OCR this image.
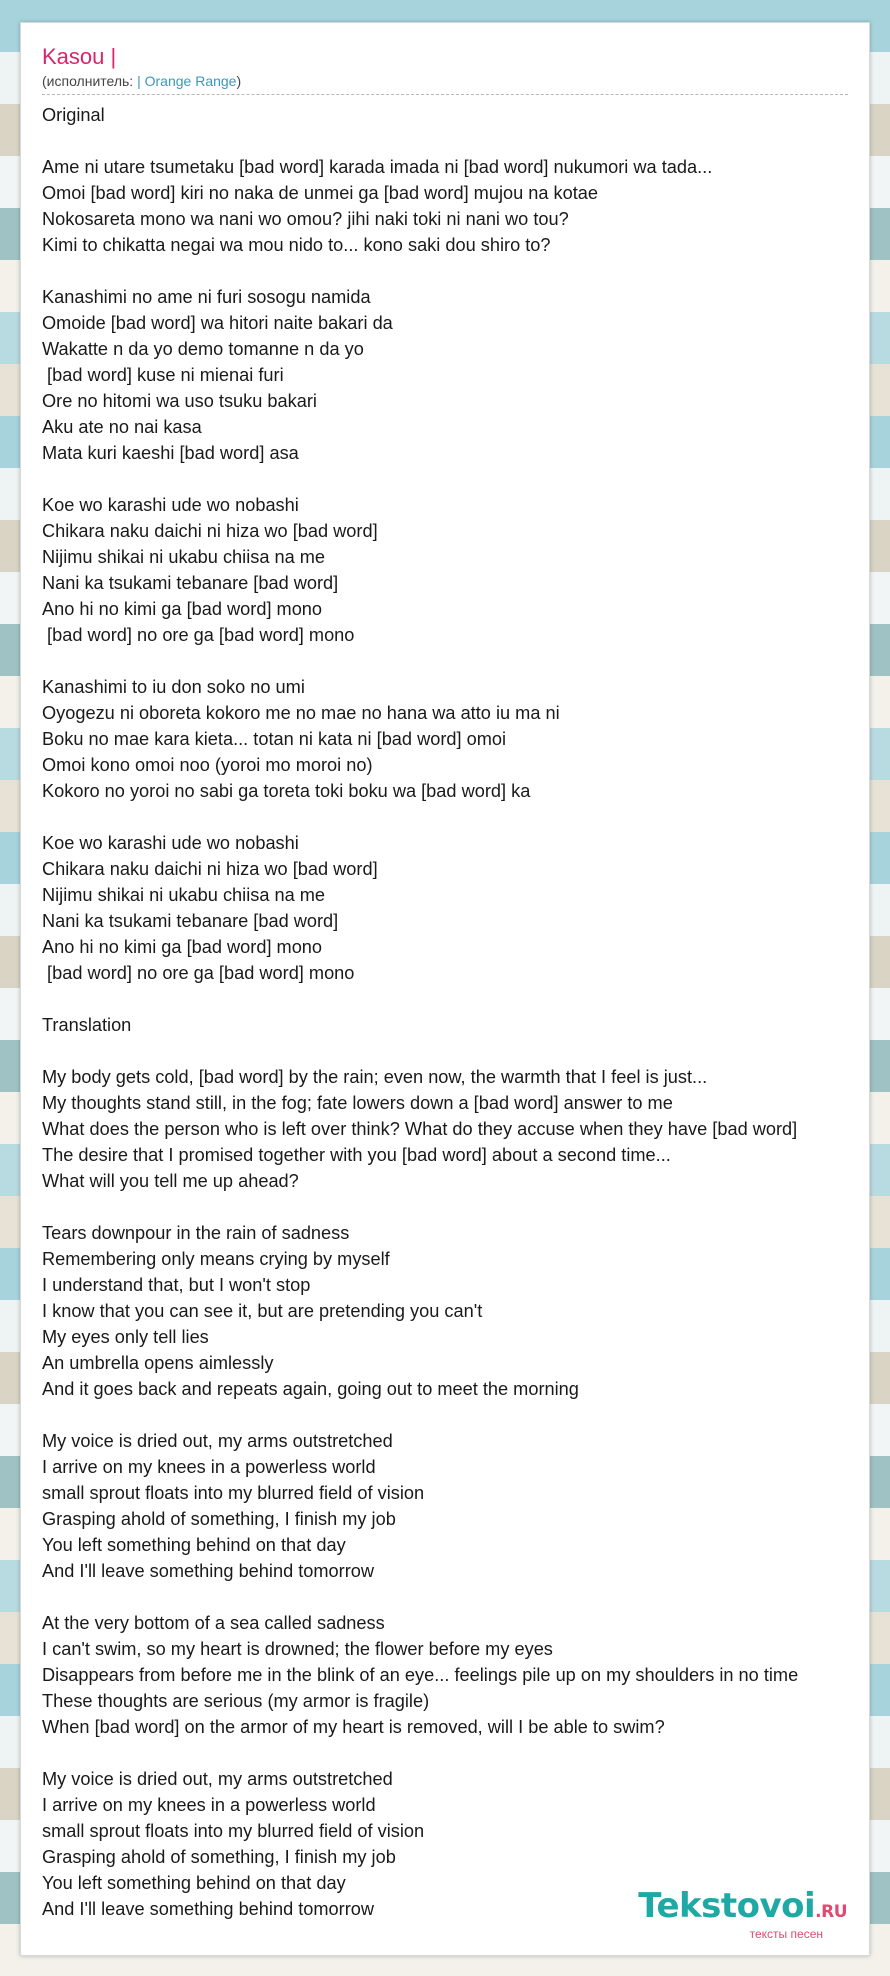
Kasou |
(исполнитель: | Orange Range)
Original

Ame ni utare tsumetaku [bad word] karada imada ni [bad word] nukumori wa tada...
Omoi [bad word] kiri no naka de unmei ga [bad word] mujou na kotae
Nokosareta mono wa nani wo omou? jihi naki toki ni nani wo tou?
Kimi to chikatta negai wa mou nido to... kono saki dou shiro to?

Kanashimi no ame ni furi sosogu namida
Omoide [bad word] wa hitori naite bakari da
Wakatte n da yo demo tomanne n da yo
[bad word] kuse ni mienai furi
Ore no hitomi wa uso tsuku bakari
Aku ate no nai kasa
Mata kuri kaeshi [bad word] asa

Koe wo karashi ude wo nobashi
Chikara naku daichi ni hiza wo [bad word]
Nijimu shikai ni ukabu chiisa na me
Nani ka tsukami tebanare [bad word]
Ano hi no kimi ga [bad word] mono
[bad word] no ore ga [bad word] mono

Kanashimi to iu don soko no umi
Oyogezu ni oboreta kokoro me no mae no hana wa atto iu ma ni
Boku no mae kara kieta... totan ni kata ni [bad word] omoi
Omoi kono omoi noo (yoroi mo moroi no)
Kokoro no yoroi no sabi ga toreta toki boku wa [bad word] ka

Koe wo karashi ude wo nobashi
Chikara naku daichi ni hiza wo [bad word]
Nijimu shikai ni ukabu chiisa na me
Nani ka tsukami tebanare [bad word]
Ano hi no kimi ga [bad word] mono
[bad word] no ore ga [bad word] mono

Translation

My body gets cold, [bad word] by the rain; even now, the warmth that I feel is just...
My thoughts stand still, in the fog; fate lowers down a [bad word] answer to me
What does the person who is left over think? What do they accuse when they have [bad word]
The desire that I promised together with you [bad word] about a second time...
What will you tell me up ahead?

Tears downpour in the rain of sadness
Remembering only means crying by myself
I understand that, but I won't stop
I know that you can see it, but are pretending you can't
My eyes only tell lies
An umbrella opens aimlessly
And it goes back and repeats again, going out to meet the morning

My voice is dried out, my arms outstretched
I arrive on my knees in a powerless world
small sprout floats into my blurred field of vision
Grasping ahold of something, I finish my job
You left something behind on that day
And I'll leave something behind tomorrow

At the very bottom of a sea called sadness
I can't swim, so my heart is drowned; the flower before my eyes
Disappears from before me in the blink of an eye... feelings pile up on my shoulders in no time
These thoughts are serious (my armor is fragile)
When [bad word] on the armor of my heart is removed, will I be able to swim?

My voice is dried out, my arms outstretched
I arrive on my knees in a powerless world
small sprout floats into my blurred field of vision
Grasping ahold of something, I finish my job
You left something behind on that day
And I'll leave something behind tomorrow	Tekstovoi.RU
тексты песен
